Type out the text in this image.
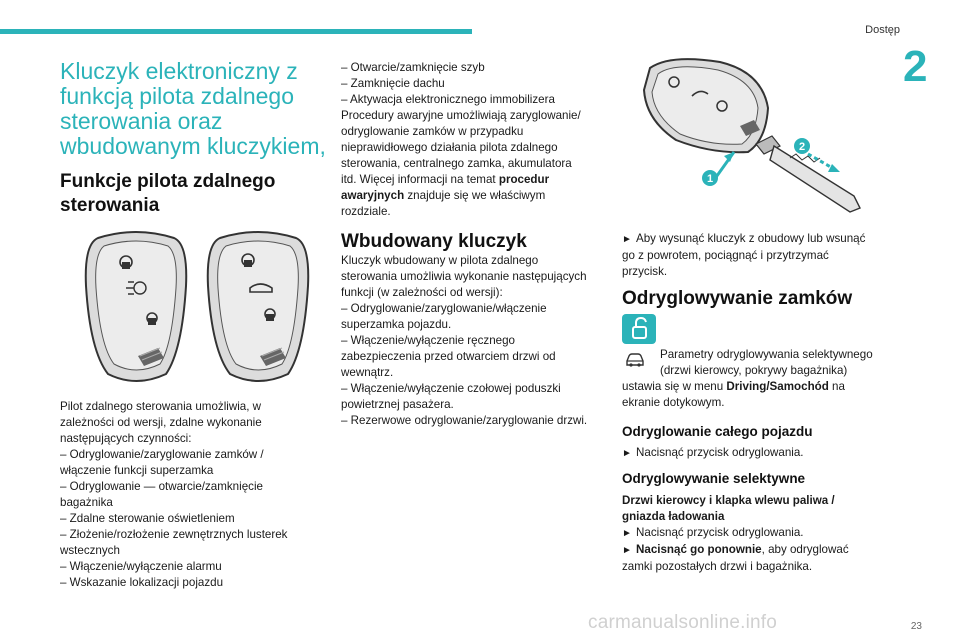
Dostęp
2
Kluczyk elektroniczny z
funkcją pilota zdalnego
sterowania oraz
wbudowanym kluczykiem,
Funkcje pilota zdalnego
sterowania
Pilot zdalnego sterowania umożliwia, w
zależności od wersji, zdalne wykonanie
następujących czynności:
– Odryglowanie/zaryglowanie zamków /
włączenie funkcji superzamka
– Odryglowanie — otwarcie/zamknięcie
bagażnika
– Zdalne sterowanie oświetleniem
– Złożenie/rozłożenie zewnętrznych lusterek
wstecznych
– Włączenie/wyłączenie alarmu
– Wskazanie lokalizacji pojazdu
– Otwarcie/zamknięcie szyb
– Zamknięcie dachu
– Aktywacja elektronicznego immobilizera
Procedury awaryjne umożliwiają zaryglowanie/
odryglowanie zamków w przypadku
nieprawidłowego działania pilota zdalnego
sterowania, centralnego zamka, akumulatora
itd. Więcej informacji na temat procedur
awaryjnych znajduje się we właściwym
rozdziale.
Wbudowany kluczyk
Kluczyk wbudowany w pilota zdalnego
sterowania umożliwia wykonanie następujących
funkcji (w zależności od wersji):
– Odryglowanie/zaryglowanie/włączenie
superzamka pojazdu.
– Włączenie/wyłączenie ręcznego
zabezpieczenia przed otwarciem drzwi od
wewnątrz.
– Włączenie/wyłączenie czołowej poduszki
powietrznej pasażera.
– Rezerwowe odryglowanie/zaryglowanie drzwi.
1
2
► Aby wysunąć kluczyk z obudowy lub wsunąć
go z powrotem, pociągnąć i przytrzymać
przycisk.
Odryglowywanie zamków
Parametry odryglowywania selektywnego
(drzwi kierowcy, pokrywy bagażnika)
ustawia się w menu Driving/Samochód na
ekranie dotykowym.
Odryglowanie całego pojazdu
► Nacisnąć przycisk odryglowania.
Odryglowywanie selektywne
Drzwi kierowcy i klapka wlewu paliwa /
gniazda ładowania
► Nacisnąć przycisk odryglowania.
► Nacisnąć go ponownie, aby odryglować
zamki pozostałych drzwi i bagażnika.
carmanualsonline.info	23
